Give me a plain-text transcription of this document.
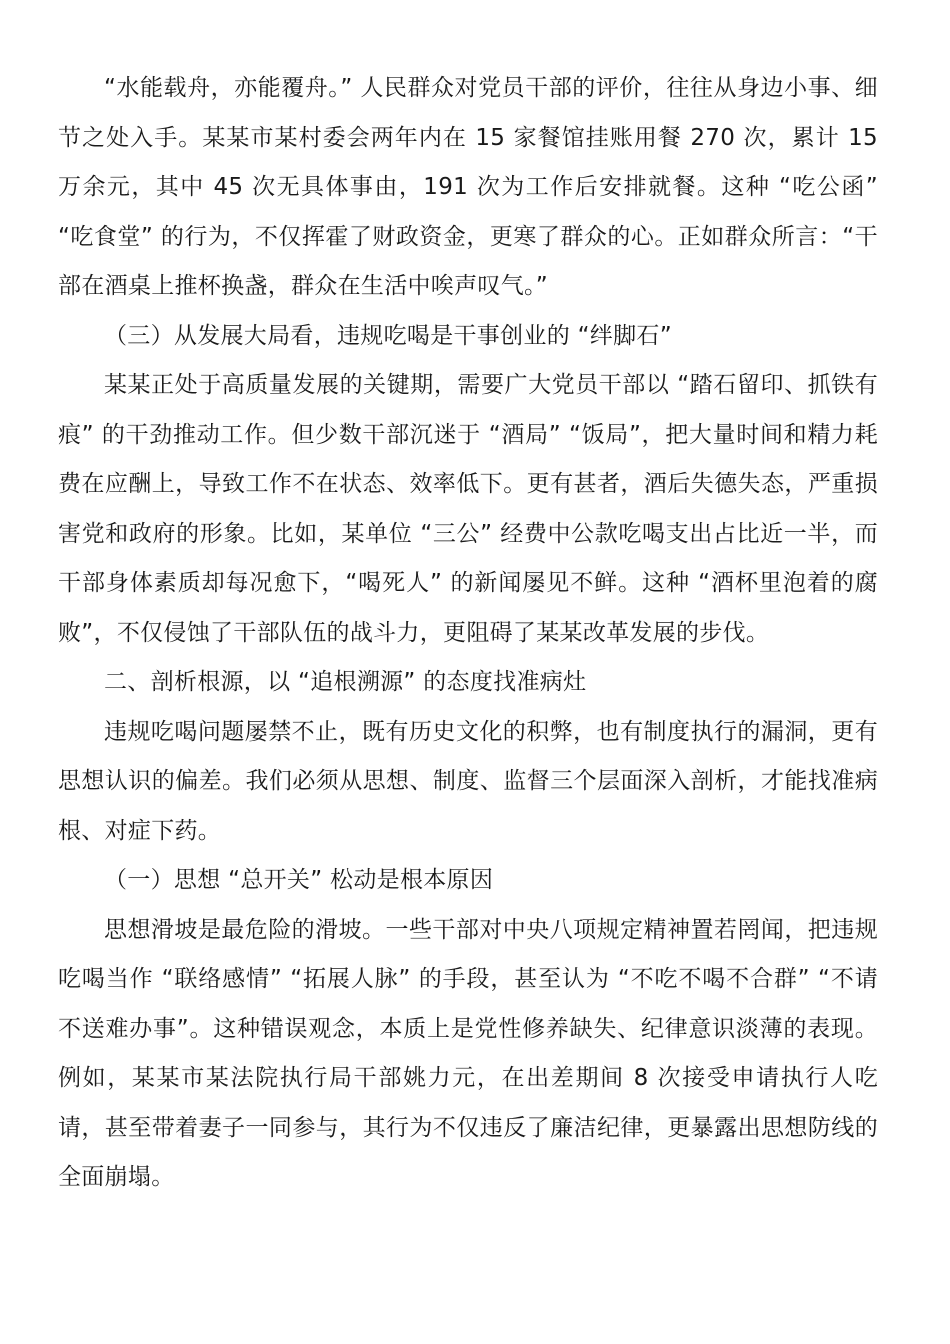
“水能载舟，亦能覆舟。” 人民群众对党员干部的评价，往往从身边小事、细节之处入手。某某市某村委会两年内在 15 家餐馆挂账用餐 270 次，累计 15 万余元，其中 45 次无具体事由，191 次为工作后安排就餐。这种 “吃公函” “吃食堂” 的行为，不仅挥霍了财政资金，更寒了群众的心。正如群众所言：“干部在酒桌上推杯换盏，群众在生活中唉声叹气。”

（三）从发展大局看，违规吃喝是干事创业的 “绊脚石”

某某正处于高质量发展的关键期，需要广大党员干部以 “踏石留印、抓铁有痕” 的干劲推动工作。但少数干部沉迷于 “酒局” “饭局”，把大量时间和精力耗费在应酬上，导致工作不在状态、效率低下。更有甚者，酒后失德失态，严重损害党和政府的形象。比如，某单位 “三公” 经费中公款吃喝支出占比近一半，而干部身体素质却每况愈下，“喝死人” 的新闻屡见不鲜。这种 “酒杯里泡着的腐败”，不仅侵蚀了干部队伍的战斗力，更阻碍了某某改革发展的步伐。

二、剖析根源，以 “追根溯源” 的态度找准病灶

违规吃喝问题屡禁不止，既有历史文化的积弊，也有制度执行的漏洞，更有思想认识的偏差。我们必须从思想、制度、监督三个层面深入剖析，才能找准病根、对症下药。

（一）思想 “总开关” 松动是根本原因

思想滑坡是最危险的滑坡。一些干部对中央八项规定精神置若罔闻，把违规吃喝当作 “联络感情” “拓展人脉” 的手段，甚至认为 “不吃不喝不合群” “不请不送难办事”。这种错误观念，本质上是党性修养缺失、纪律意识淡薄的表现。例如，某某市某法院执行局干部姚力元，在出差期间 8 次接受申请执行人吃请，甚至带着妻子一同参与，其行为不仅违反了廉洁纪律，更暴露出思想防线的全面崩塌。
